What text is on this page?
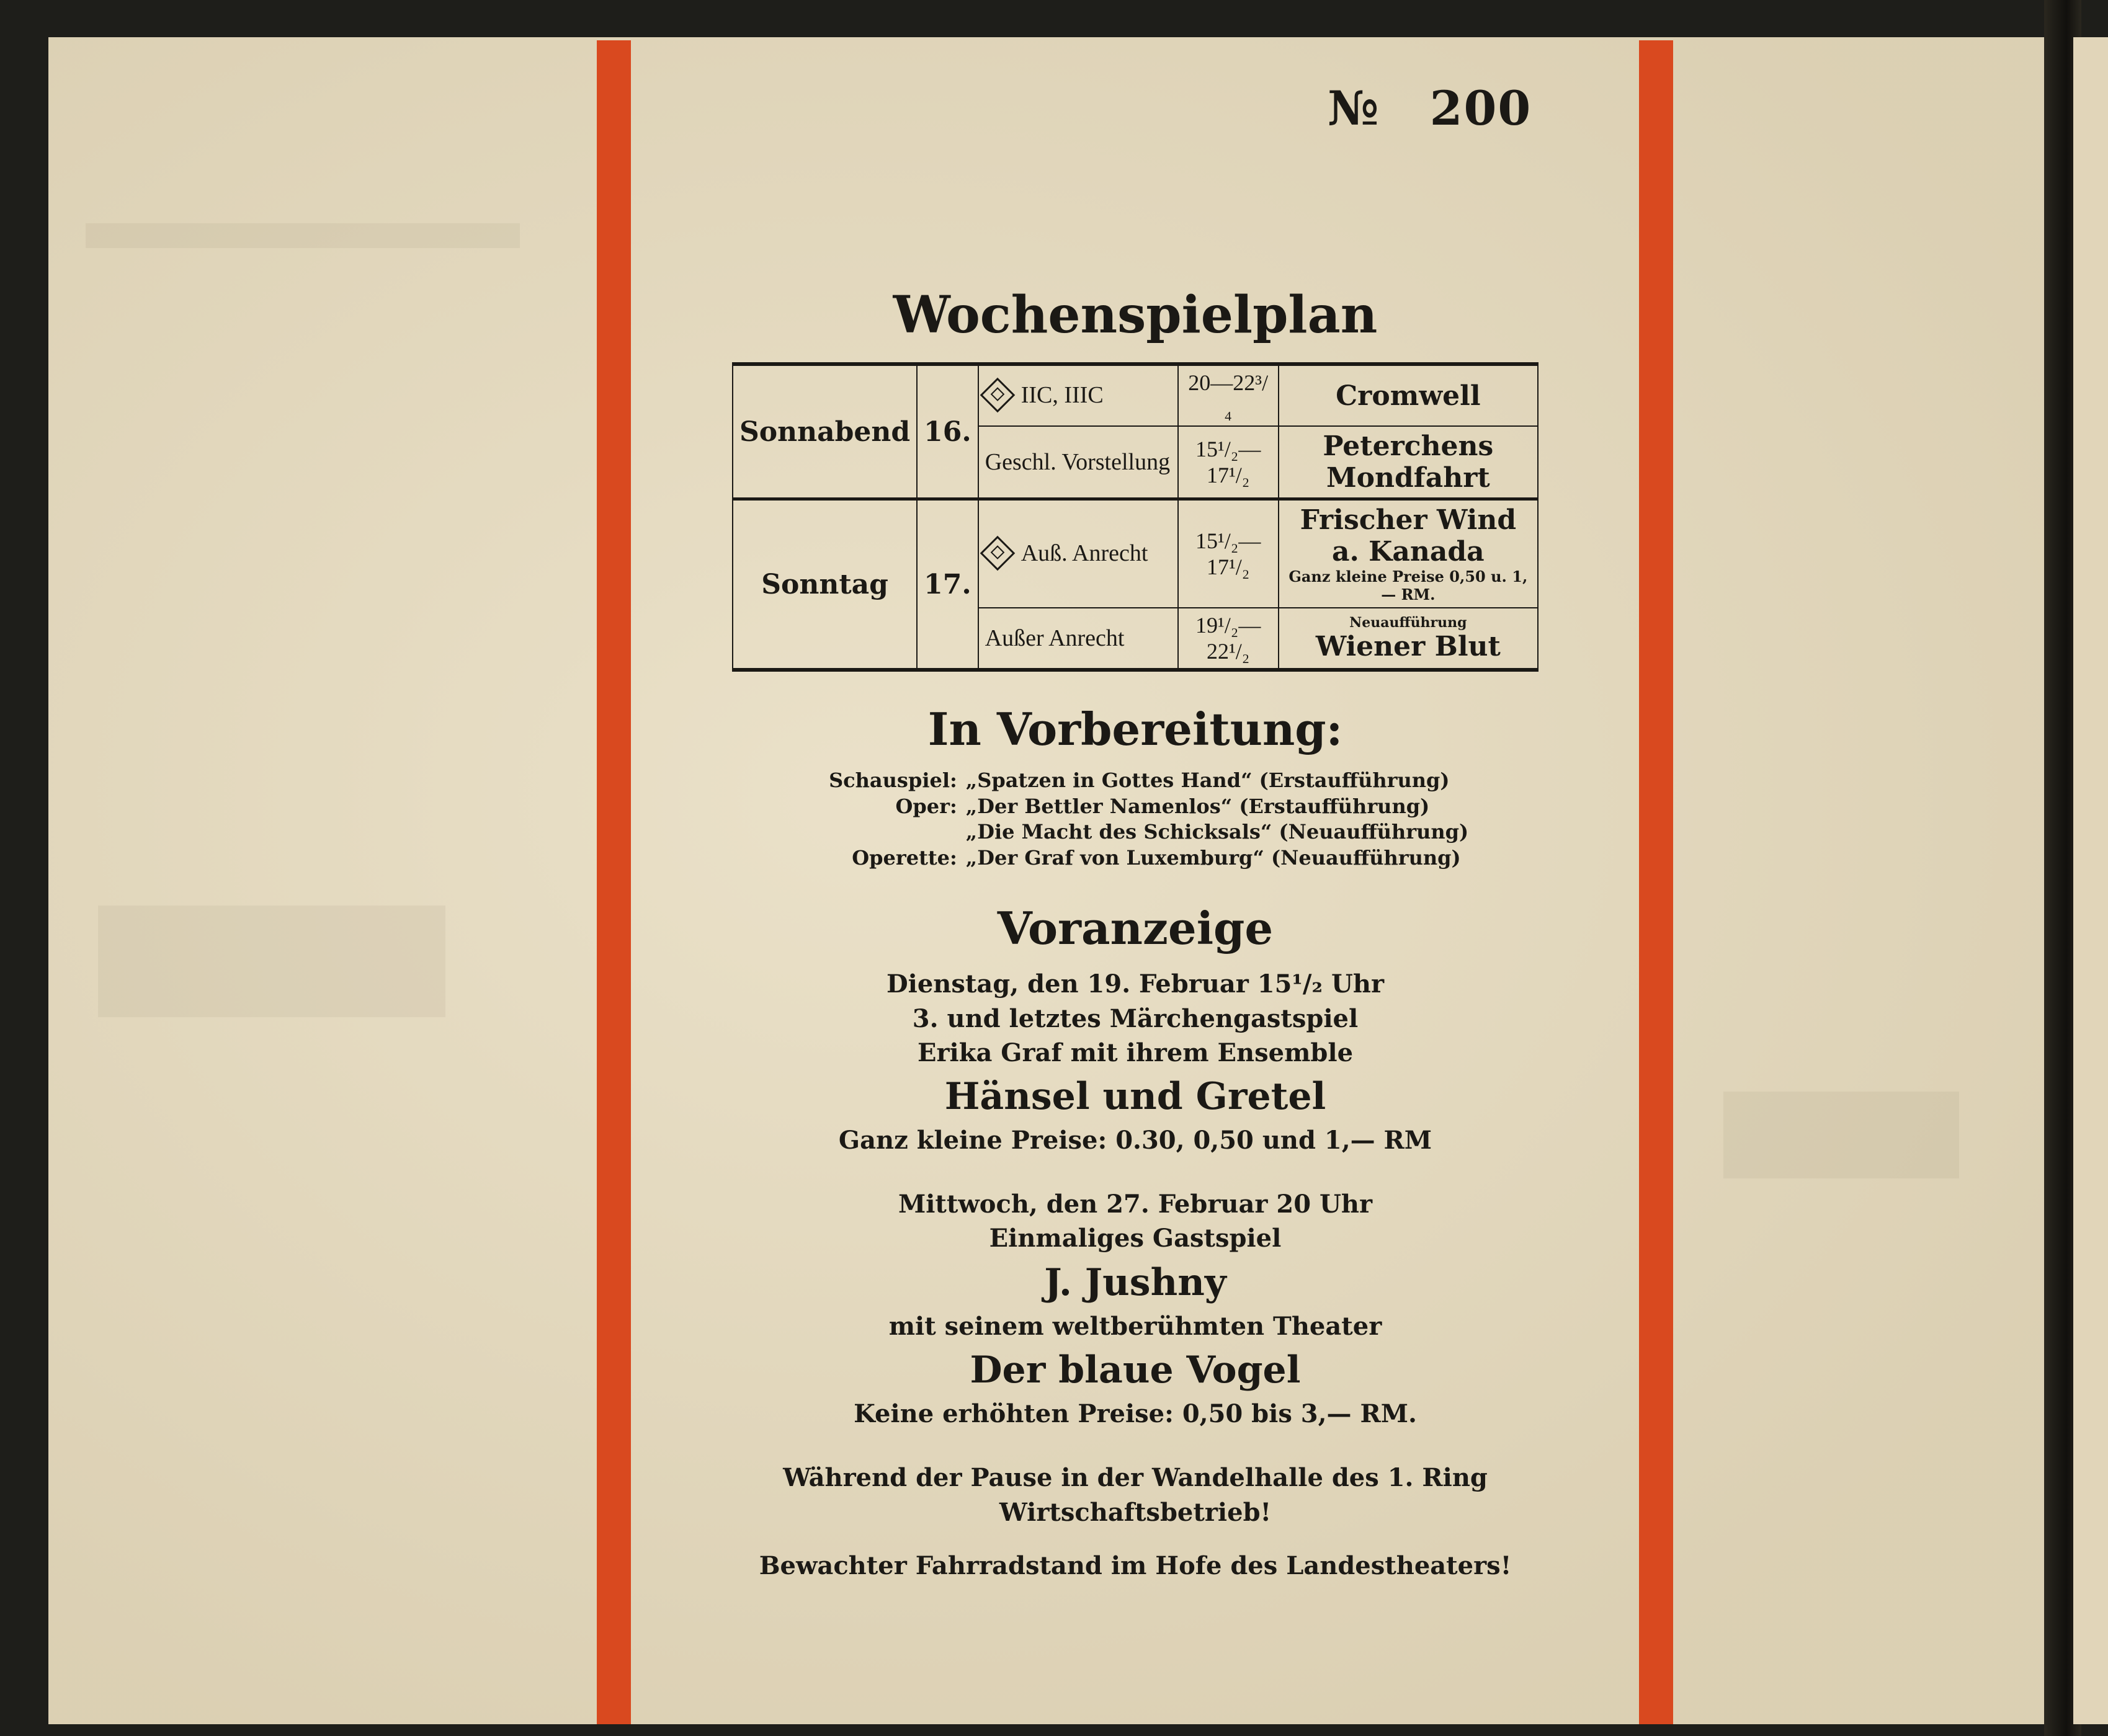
№ 200
Wochenspielplan
Sonnabend	16.	IIC, IIIC	20—22³/₄	Cromwell
		Geschl. Vorstellung	15¹/₂—17¹/₂	Peterchens Mondfahrt
Sonntag	17.	Auß. Anrecht	15¹/₂—17¹/₂	Frischer Wind a. Kanada
Ganz kleine Preise 0,50 u. 1,— RM.

		Außer Anrecht	19¹/₂—22¹/₂	Neuaufführung
Wiener Blut
In Vorbereitung:
Schauspiel: „Spatzen in Gottes Hand“ (Erstaufführung)
Oper: „Der Bettler Namenlos“ (Erstaufführung)
„Die Macht des Schicksals“ (Neuaufführung)
Operette: „Der Graf von Luxemburg“ (Neuaufführung)
Voranzeige

Dienstag, den 19. Februar 15¹/₂ Uhr

3. und letztes Märchengastspiel

Erika Graf mit ihrem Ensemble

Hänsel und Gretel

Ganz kleine Preise: 0.30, 0,50 und 1,— RM

Mittwoch, den 27. Februar 20 Uhr

Einmaliges Gastspiel

J. Jushny

mit seinem weltberühmten Theater

Der blaue Vogel

Keine erhöhten Preise: 0,50 bis 3,— RM.

Während der Pause in der Wandelhalle des 1. Ring
Wirtschaftsbetrieb!
Bewachter Fahrradstand im Hofe des Landestheaters!
